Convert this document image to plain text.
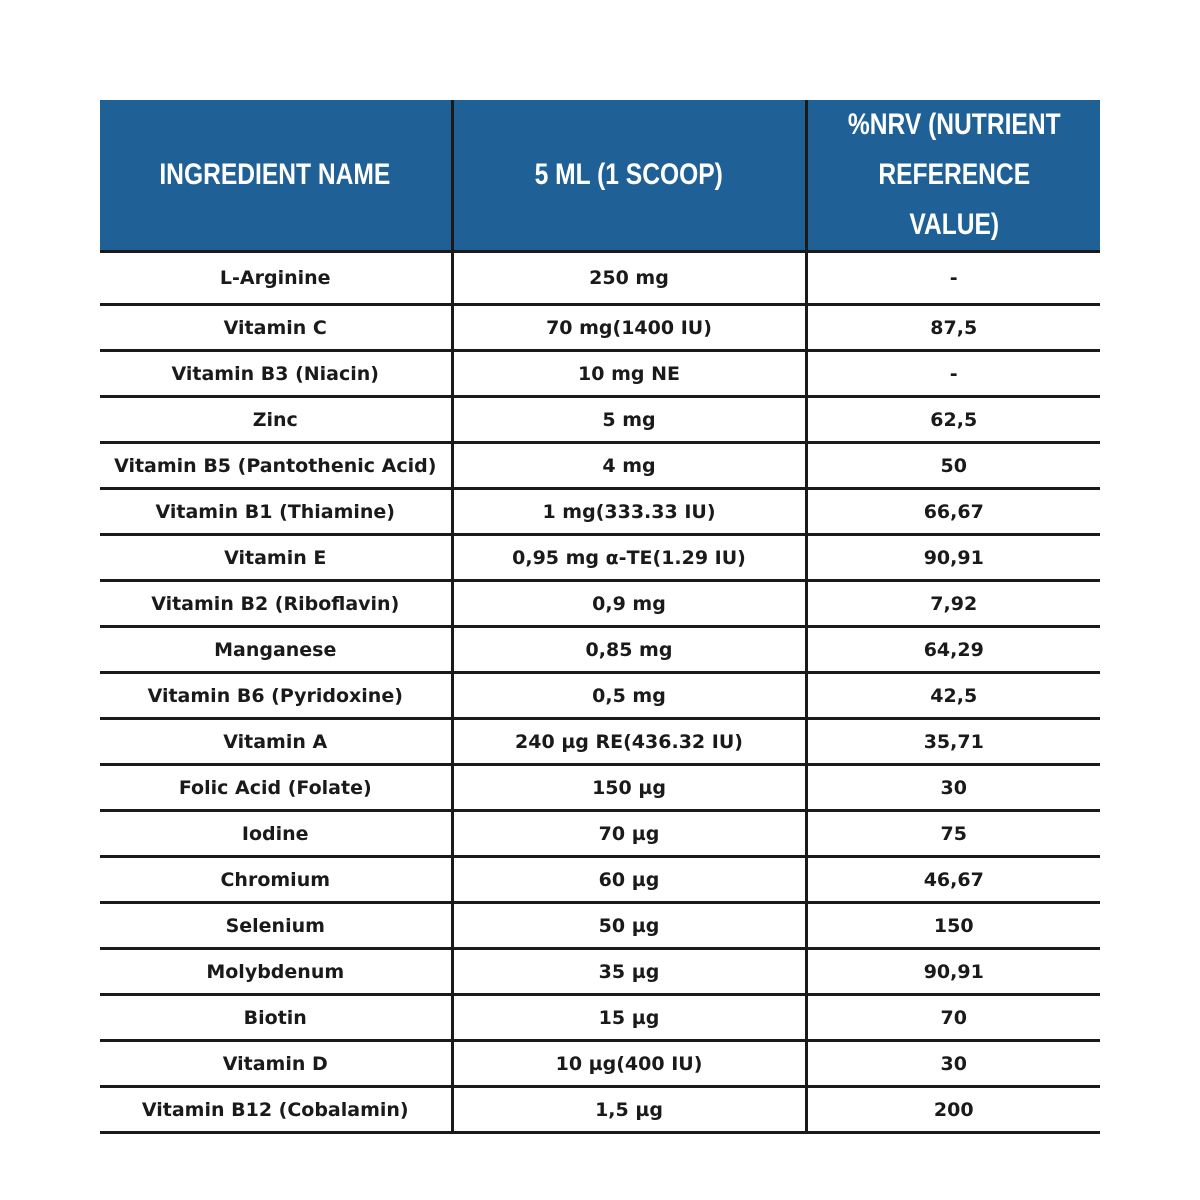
INGREDIENT NAME	5 ML (1 SCOOP)	%NRV (NUTRIENT REFERENCE VALUE)
L-Arginine	250 mg	-
Vitamin C	70 mg(1400 IU)	87,5
Vitamin B3 (Niacin)	10 mg NE	-
Zinc	5 mg	62,5
Vitamin B5 (Pantothenic Acid)	4 mg	50
Vitamin B1 (Thiamine)	1 mg(333.33 IU)	66,67
Vitamin E	0,95 mg α-TE(1.29 IU)	90,91
Vitamin B2 (Riboflavin)	0,9 mg	7,92
Manganese	0,85 mg	64,29
Vitamin B6 (Pyridoxine)	0,5 mg	42,5
Vitamin A	240 µg RE(436.32 IU)	35,71
Folic Acid (Folate)	150 µg	30
Iodine	70 µg	75
Chromium	60 µg	46,67
Selenium	50 µg	150
Molybdenum	35 µg	90,91
Biotin	15 µg	70
Vitamin D	10 µg(400 IU)	30
Vitamin B12 (Cobalamin)	1,5 µg	200
